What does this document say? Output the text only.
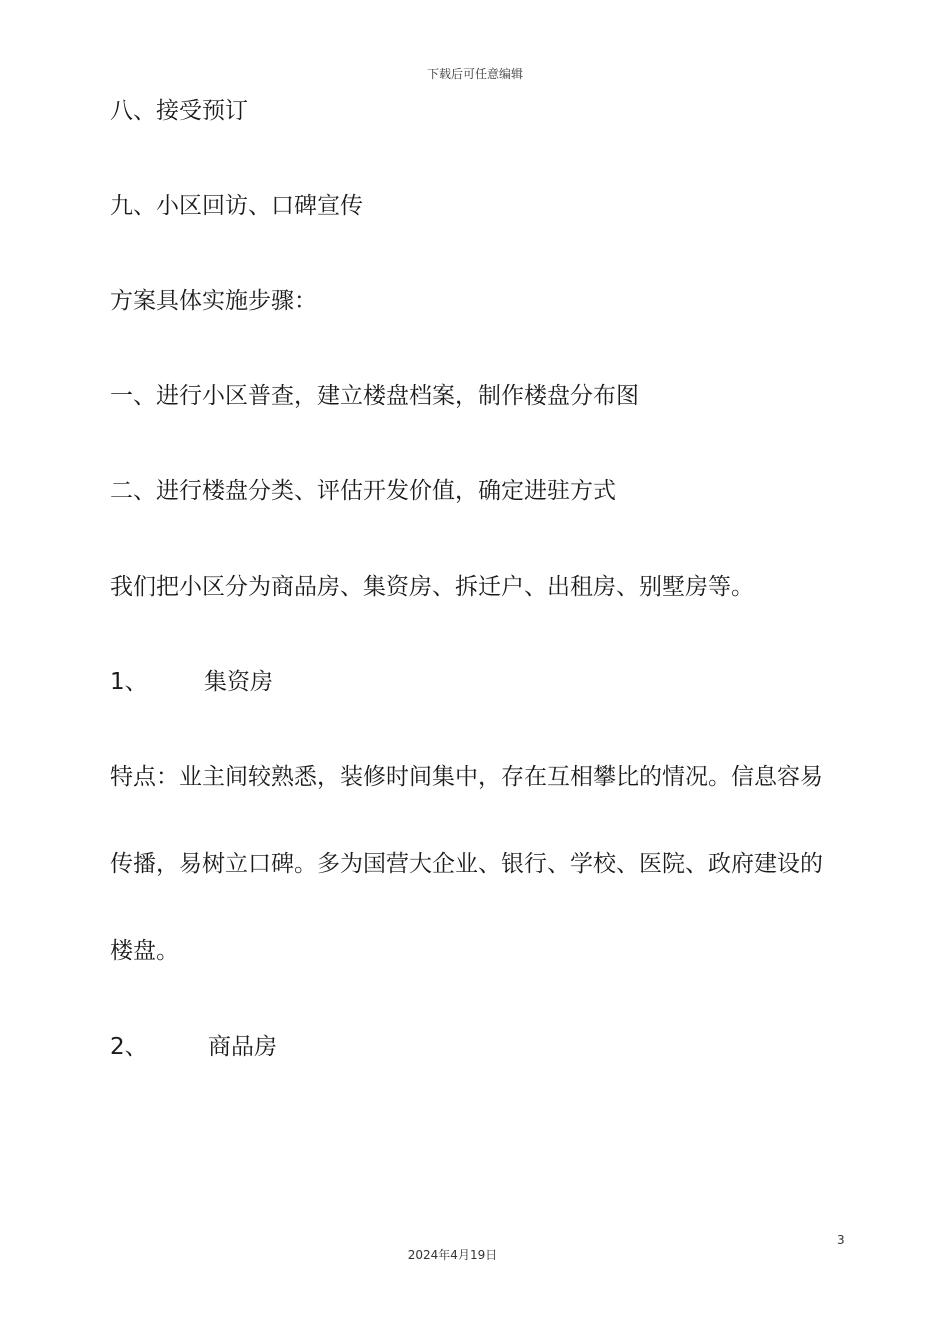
下载后可任意编辑
八、接受预订
九、小区回访、口碑宣传
方案具体实施步骤：
一、进行小区普查，建立楼盘档案，制作楼盘分布图
二、进行楼盘分类、评估开发价值，确定进驻方式
我们把小区分为商品房、集资房、拆迁户、出租房、别墅房等。
1、 集资房
特点：业主间较熟悉，装修时间集中，存在互相攀比的情况。信息容易
传播，易树立口碑。多为国营大企业、银行、学校、医院、政府建设的
楼盘。
2、	商品房
3
2024年4月19日
